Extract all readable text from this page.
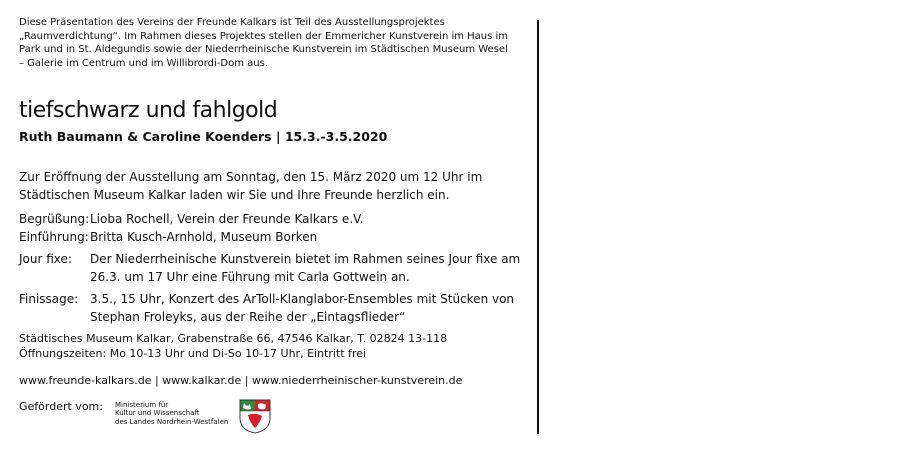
Diese Präsentation des Vereins der Freunde Kalkars ist Teil des Ausstellungsprojektes
„Raumverdichtung“. Im Rahmen dieses Projektes stellen der Emmericher Kunstverein im Haus im
Park und in St. Aldegundis sowie der Niederrheinische Kunstverein im Städtischen Museum Wesel
– Galerie im Centrum und im Willibrordi-Dom aus.
tiefschwarz und fahlgold
Ruth Baumann & Caroline Koenders | 15.3.-3.5.2020

Zur Eröffnung der Ausstellung am Sonntag, den 15. März 2020 um 12 Uhr im

Städtischen Museum Kalkar laden wir Sie und Ihre Freunde herzlich ein.

Begrüßung: Lioba Rochell, Verein der Freunde Kalkars e.V.
Einführung: Britta Kusch-Arnhold, Museum Borken
Jour fixe:	Der Niederrheinische Kunstverein bietet im Rahmen seines Jour fixe am
26.3. um 17 Uhr eine Führung mit Carla Gottwein an.
Finissage: 3.5., 15 Uhr, Konzert des ArToll-Klanglabor-Ensembles mit Stücken von
Stephan Froleyks, aus der Reihe der „Eintagsflieder“
Städtisches Museum Kalkar, Grabenstraße 66, 47546 Kalkar, T. 02824 13-118
Öffnungszeiten: Mo 10-13 Uhr und Di-So 10-17 Uhr, Eintritt frei
www.freunde-kalkars.de | www.kalkar.de | www.niederrheinischer-kunstverein.de
Gefördert vom: Ministerium für
Kultur und Wissenschaft
des Landes Nordrhein-Westfalen
